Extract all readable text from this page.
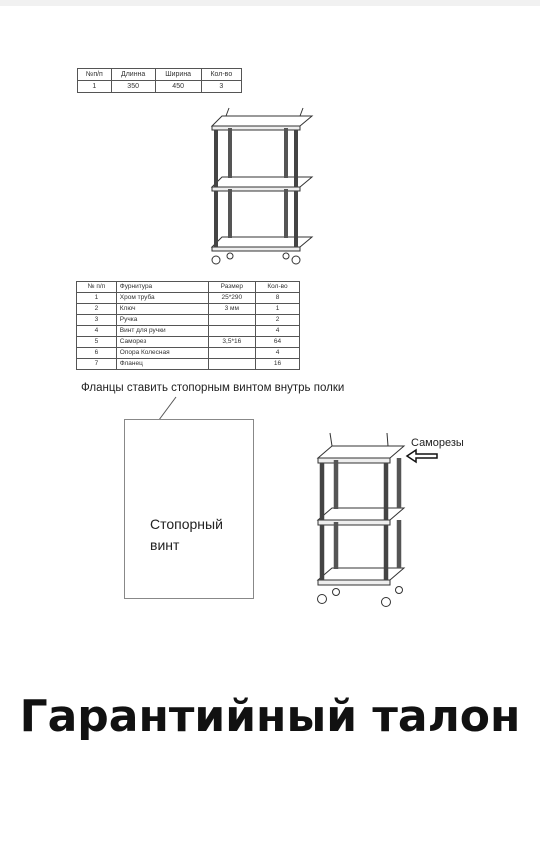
№п/п	Длинна	Ширина	Кол-во
1	350	450	3
№ п/п	Фурнитура	Размер	Кол-во
1	Хром труба	25*290	8
2	Ключ	3 мм	1
3	Ручка		2
4	Винт для ручки		4
5	Саморез	3,5*16	64
6	Опора Колесная		4
7	Фланец		16
Фланцы ставить стопорным винтом внутрь полки
Стопорный винт
Саморезы
Гарантийный талон
